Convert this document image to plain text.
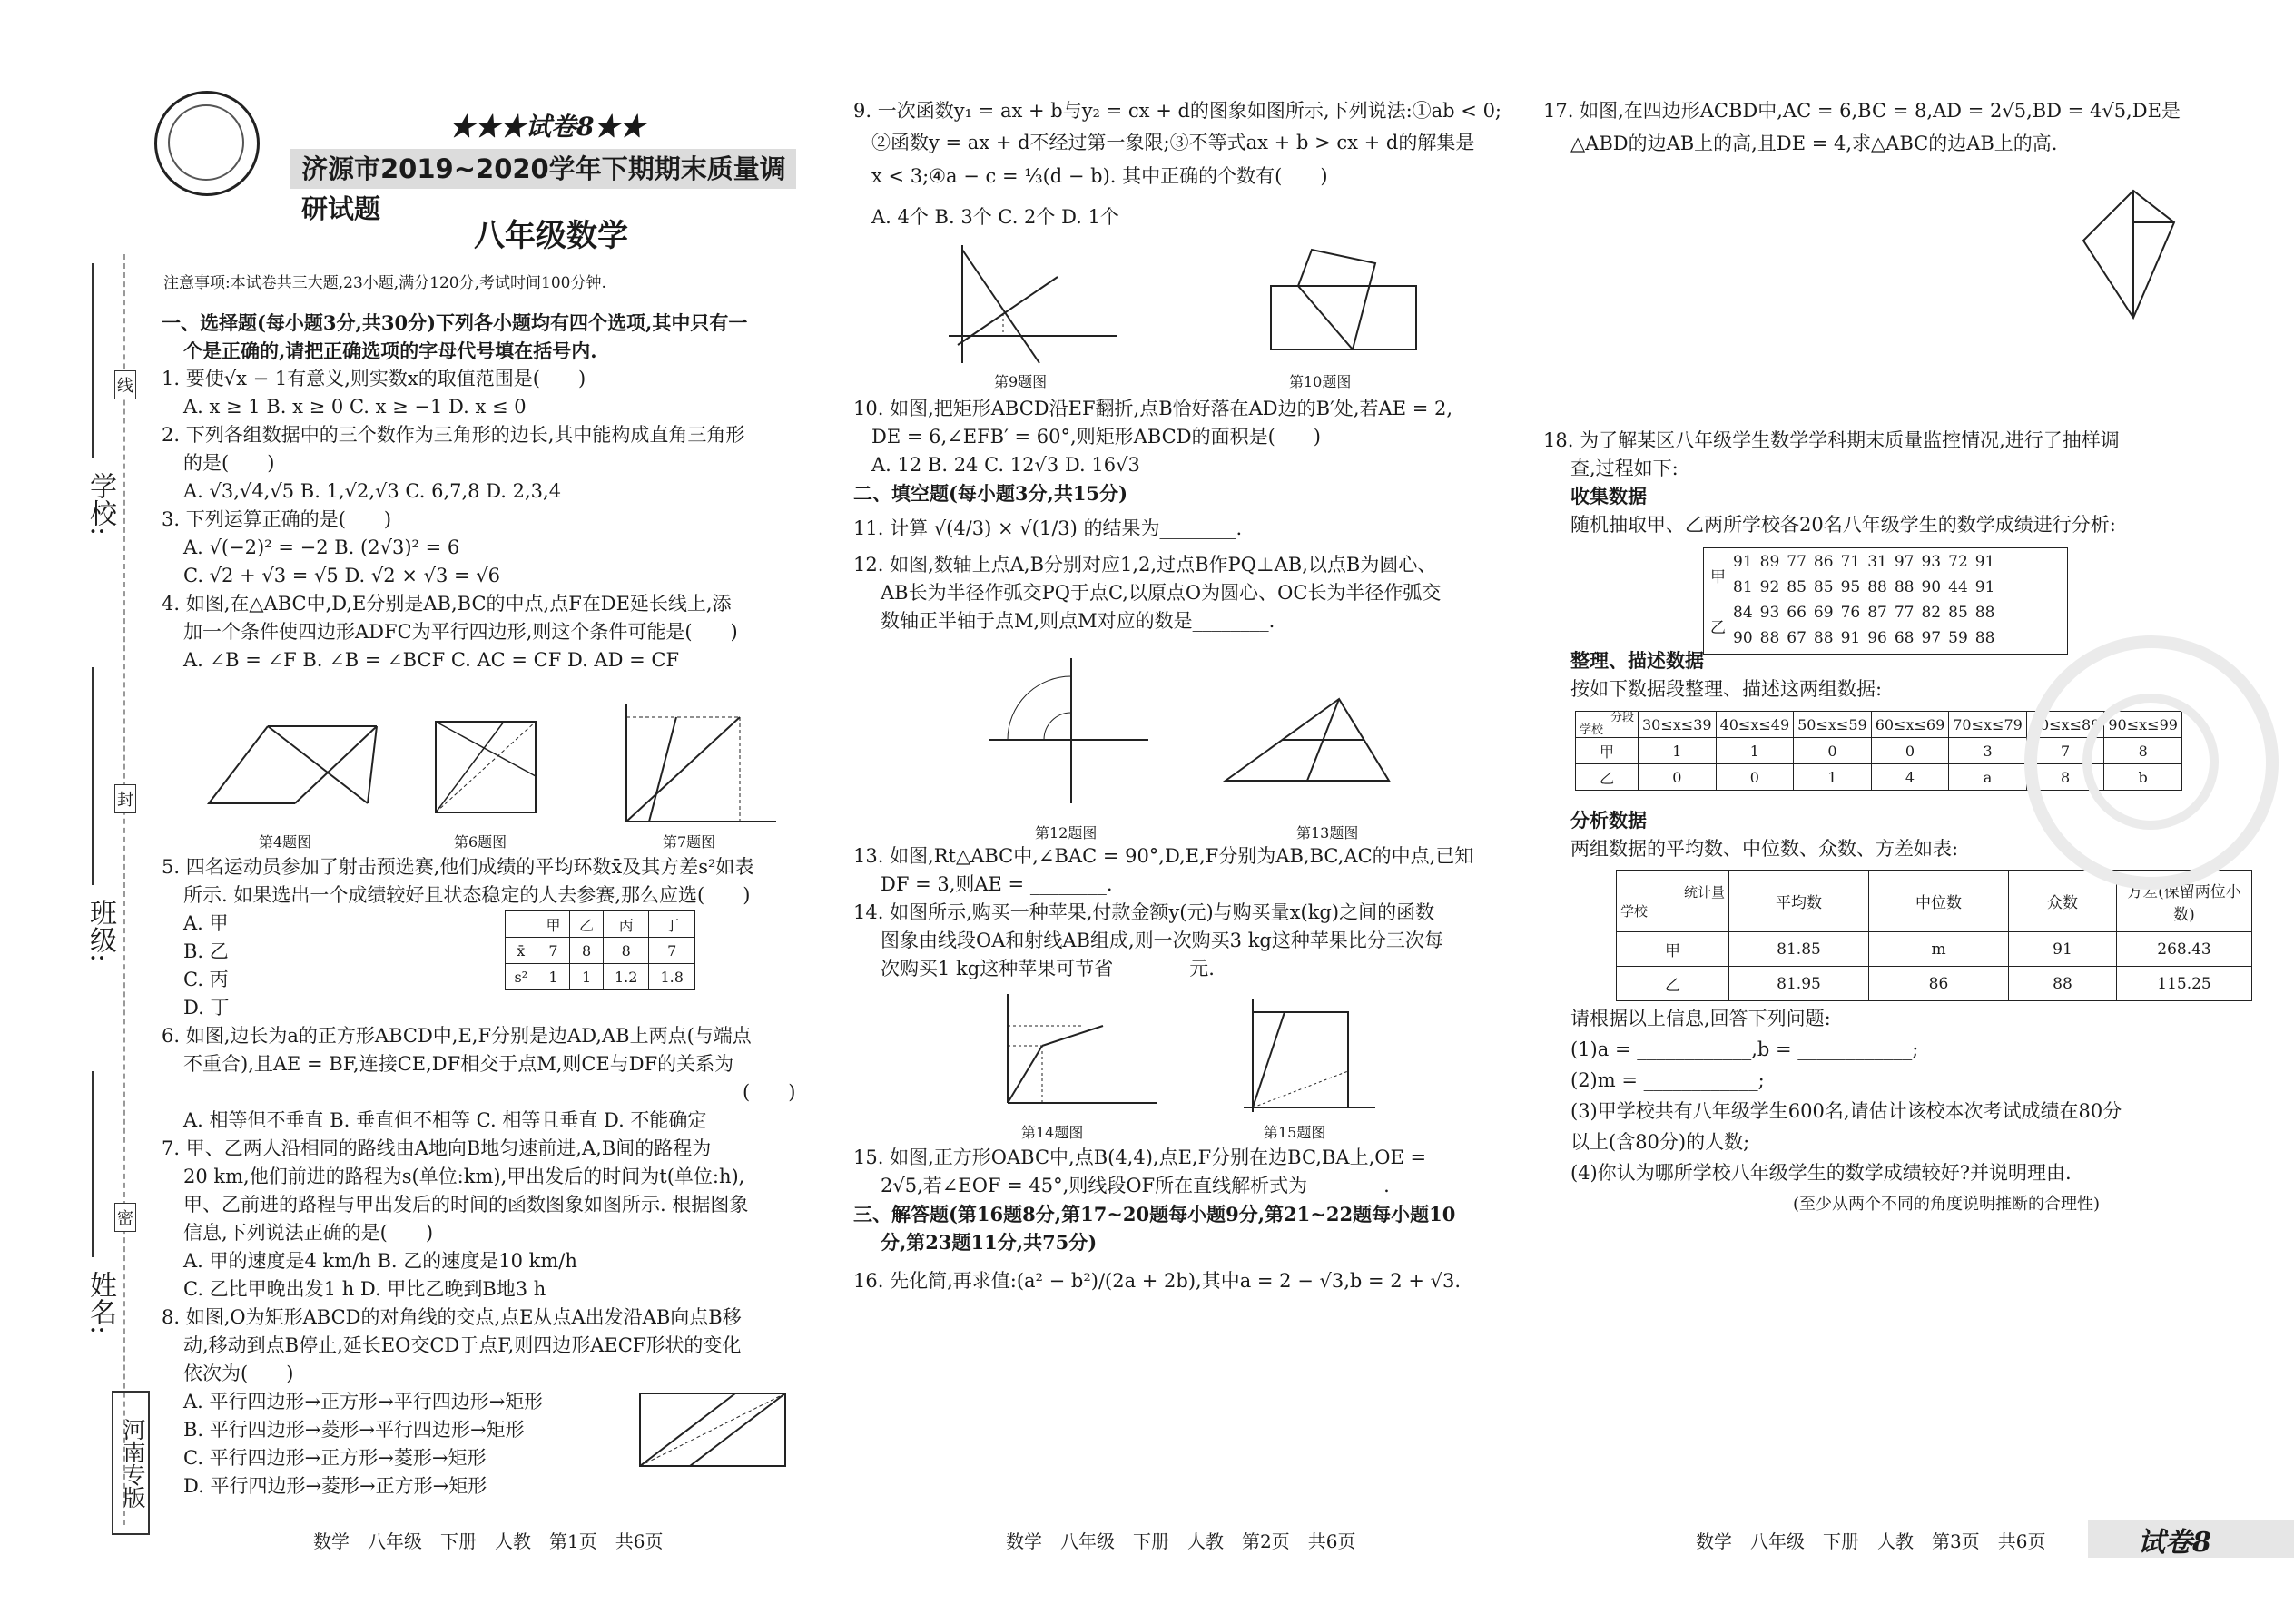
★★★试卷8★★
济源市2019~2020学年下期期末质量调研试题
八年级数学
注意事项:本试卷共三大题,23小题,满分120分,考试时间100分钟.
学校:
班级:
姓名:
线
封
密
河南专版
一、选择题(每小题3分,共30分)下列各小题均有四个选项,其中只有一
个是正确的,请把正确选项的字母代号填在括号内.
1. 要使√x − 1有意义,则实数x的取值范围是(　　)
A. x ≥ 1 B. x ≥ 0 C. x ≥ −1 D. x ≤ 0
2. 下列各组数据中的三个数作为三角形的边长,其中能构成直角三角形
的是(　　)
A. √3,√4,√5 B. 1,√2,√3 C. 6,7,8 D. 2,3,4
3. 下列运算正确的是(　　)
A. √(−2)² = −2 B. (2√3)² = 6
C. √2 + √3 = √5 D. √2 × √3 = √6
4. 如图,在△ABC中,D,E分别是AB,BC的中点,点F在DE延长线上,添
加一个条件使四边形ADFC为平行四边形,则这个条件可能是(　　)
A. ∠B = ∠F B. ∠B = ∠BCF C. AC = CF D. AD = CF
第4题图	第6题图	第7题图
5. 四名运动员参加了射击预选赛,他们成绩的平均环数x̄及其方差s²如表
所示. 如果选出一个成绩较好且状态稳定的人去参赛,那么应选(　　)
A. 甲
B. 乙
C. 丙
D. 丁
6. 如图,边长为a的正方形ABCD中,E,F分别是边AD,AB上两点(与端点
不重合),且AE = BF,连接CE,DF相交于点M,则CE与DF的关系为
(　　)
A. 相等但不垂直 B. 垂直但不相等 C. 相等且垂直 D. 不能确定
7. 甲、乙两人沿相同的路线由A地向B地匀速前进,A,B间的路程为
20 km,他们前进的路程为s(单位:km),甲出发后的时间为t(单位:h),
甲、乙前进的路程与甲出发后的时间的函数图象如图所示. 根据图象
信息,下列说法正确的是(　　)
A. 甲的速度是4 km/h B. 乙的速度是10 km/h
C. 乙比甲晚出发1 h D. 甲比乙晚到B地3 h
8. 如图,O为矩形ABCD的对角线的交点,点E从点A出发沿AB向点B移
动,移动到点B停止,延长EO交CD于点F,则四边形AECF形状的变化
依次为(　　)
A. 平行四边形→正方形→平行四边形→矩形
B. 平行四边形→菱形→平行四边形→矩形
C. 平行四边形→正方形→菱形→矩形
D. 平行四边形→菱形→正方形→矩形
	甲	乙	丙	丁
x̄	7	8	8	7
s²	1	1	1.2	1.8
9. 一次函数y₁ = ax + b与y₂ = cx + d的图象如图所示,下列说法:①ab < 0;
②函数y = ax + d不经过第一象限;③不等式ax + b > cx + d的解集是
x < 3;④a − c = ⅓(d − b). 其中正确的个数有(　　)
A. 4个 B. 3个 C. 2个 D. 1个
第9题图	第10题图
10. 如图,把矩形ABCD沿EF翻折,点B恰好落在AD边的B′处,若AE = 2,
DE = 6,∠EFB′ = 60°,则矩形ABCD的面积是(　　)
A. 12 B. 24 C. 12√3 D. 16√3
二、填空题(每小题3分,共15分)
11. 计算 √(4/3) × √(1/3) 的结果为________.
12. 如图,数轴上点A,B分别对应1,2,过点B作PQ⊥AB,以点B为圆心、
AB长为半径作弧交PQ于点C,以原点O为圆心、OC长为半径作弧交
数轴正半轴于点M,则点M对应的数是________.
第12题图	第13题图
13. 如图,Rt△ABC中,∠BAC = 90°,D,E,F分别为AB,BC,AC的中点,已知
DF = 3,则AE = ________.
14. 如图所示,购买一种苹果,付款金额y(元)与购买量x(kg)之间的函数
图象由线段OA和射线AB组成,则一次购买3 kg这种苹果比分三次每
次购买1 kg这种苹果可节省________元.
第14题图	第15题图
15. 如图,正方形OABC中,点B(4,4),点E,F分别在边BC,BA上,OE =
2√5,若∠EOF = 45°,则线段OF所在直线解析式为________.
三、解答题(第16题8分,第17~20题每小题9分,第21~22题每小题10
分,第23题11分,共75分)
16. 先化简,再求值:(a² − b²)/(2a + 2b),其中a = 2 − √3,b = 2 + √3.
17. 如图,在四边形ACBD中,AC = 6,BC = 8,AD = 2√5,BD = 4√5,DE是
△ABD的边AB上的高,且DE = 4,求△ABC的边AB上的高.
18. 为了解某区八年级学生数学学科期末质量监控情况,进行了抽样调
查,过程如下:
收集数据
随机抽取甲、乙两所学校各20名八年级学生的数学成绩进行分析:
甲	91	89	77	86	71	31	97	93	72	91
	81	92	85	85	95	88	88	90	44	91
乙	84	93	66	69	76	87	77	82	85	88
	90	88	67	88	91	96	68	97	59	88
整理、描述数据
按如下数据段整理、描述这两组数据:
分段
学校	30≤x≤39	40≤x≤49	50≤x≤59	60≤x≤69	70≤x≤79	80≤x≤89	90≤x≤99
甲	1	1	0	0	3	7	8
乙	0	0	1	4	a	8	b
分析数据
两组数据的平均数、中位数、众数、方差如表:
统计量
学校	平均数	中位数	众数	方差(保留两位小数)
甲	81.85	m	91	268.43
乙	81.95	86	88	115.25
请根据以上信息,回答下列问题:
(1)a = ____________,b = ____________;
(2)m = ____________;
(3)甲学校共有八年级学生600名,请估计该校本次考试成绩在80分
以上(含80分)的人数;
(4)你认为哪所学校八年级学生的数学成绩较好?并说明理由.
(至少从两个不同的角度说明推断的合理性)
数学　八年级　下册　人教　第1页　共6页	数学　八年级　下册　人教　第2页　共6页	数学　八年级　下册　人教　第3页　共6页	试卷8
